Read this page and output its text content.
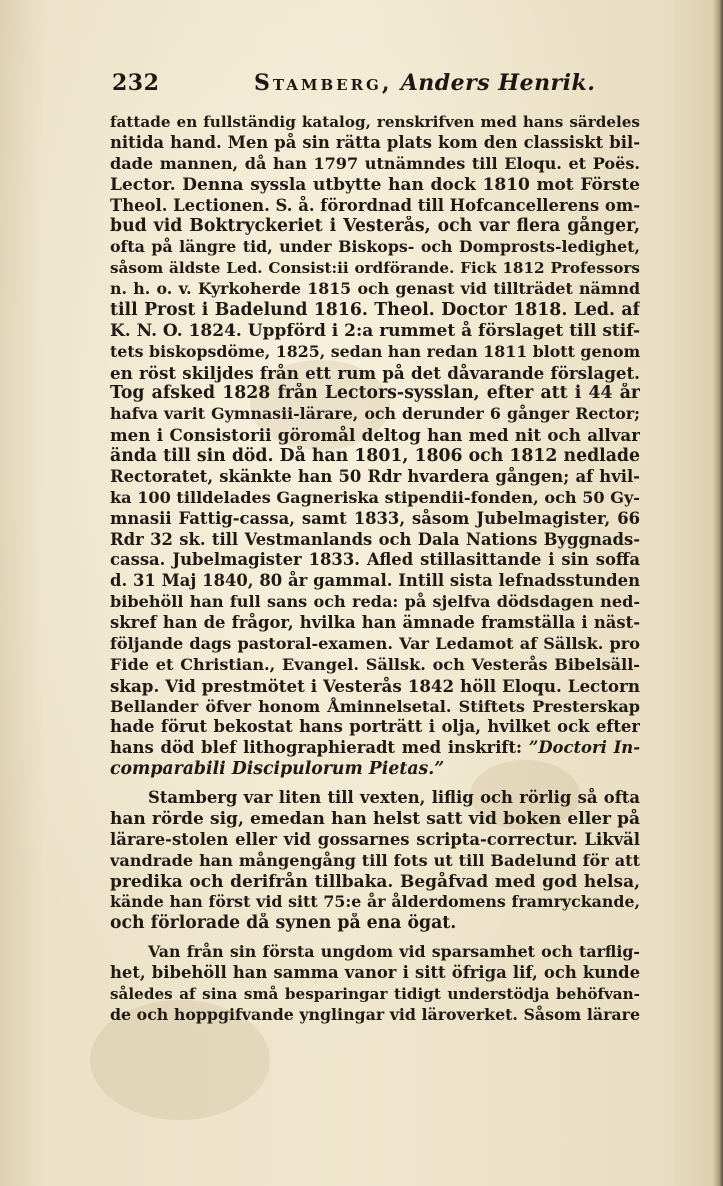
232	Stamberg, Anders Henrik.
fattade en fullständig katalog, renskrifven med hans särdeles
nitida hand. Men på sin rätta plats kom den classiskt bil-
dade mannen, då han 1797 utnämndes till Eloqu. et Poës.
Lector. Denna syssla utbytte han dock 1810 mot Förste
Theol. Lectionen. S. å. förordnad till Hofcancellerens om-
bud vid Boktryckeriet i Vesterås, och var flera gånger,
ofta på längre tid, under Biskops- och Domprosts-ledighet,
såsom äldste Led. Consist:ii ordförande. Fick 1812 Professors
n. h. o. v. Kyrkoherde 1815 och genast vid tillträdet nämnd
till Prost i Badelund 1816. Theol. Doctor 1818. Led. af
K. N. O. 1824. Uppförd i 2:a rummet å förslaget till stif-
tets biskopsdöme, 1825, sedan han redan 1811 blott genom
en röst skiljdes från ett rum på det dåvarande förslaget.
Tog afsked 1828 från Lectors-sysslan, efter att i 44 år
hafva varit Gymnasii-lärare, och derunder 6 gånger Rector;
men i Consistorii göromål deltog han med nit och allvar
ända till sin död. Då han 1801, 1806 och 1812 nedlade
Rectoratet, skänkte han 50 Rdr hvardera gången; af hvil-
ka 100 tilldelades Gagneriska stipendii-fonden, och 50 Gy-
mnasii Fattig-cassa, samt 1833, såsom Jubelmagister, 66
Rdr 32 sk. till Vestmanlands och Dala Nations Byggnads-
cassa. Jubelmagister 1833. Afled stillasittande i sin soffa
d. 31 Maj 1840, 80 år gammal. Intill sista lefnadsstunden
bibehöll han full sans och reda: på sjelfva dödsdagen ned-
skref han de frågor, hvilka han ämnade framställa i näst-
följande dags pastoral-examen. Var Ledamot af Sällsk. pro
Fide et Christian., Evangel. Sällsk. och Vesterås Bibelsäll-
skap. Vid prestmötet i Vesterås 1842 höll Eloqu. Lectorn
Bellander öfver honom Åminnelsetal. Stiftets Presterskap
hade förut bekostat hans porträtt i olja, hvilket ock efter
hans död blef lithographieradt med inskrift: ”Doctori In-
comparabili Discipulorum Pietas.”
Stamberg var liten till vexten, liflig och rörlig så ofta
han rörde sig, emedan han helst satt vid boken eller på
lärare-stolen eller vid gossarnes scripta-correctur. Likväl
vandrade han mångengång till fots ut till Badelund för att
predika och derifrån tillbaka. Begåfvad med god helsa,
kände han först vid sitt 75:e år ålderdomens framryckande,
och förlorade då synen på ena ögat.
Van från sin första ungdom vid sparsamhet och tarflig-
het, bibehöll han samma vanor i sitt öfriga lif, och kunde
således af sina små besparingar tidigt understödja behöfvan-
de och hoppgifvande ynglingar vid läroverket. Såsom lärare
